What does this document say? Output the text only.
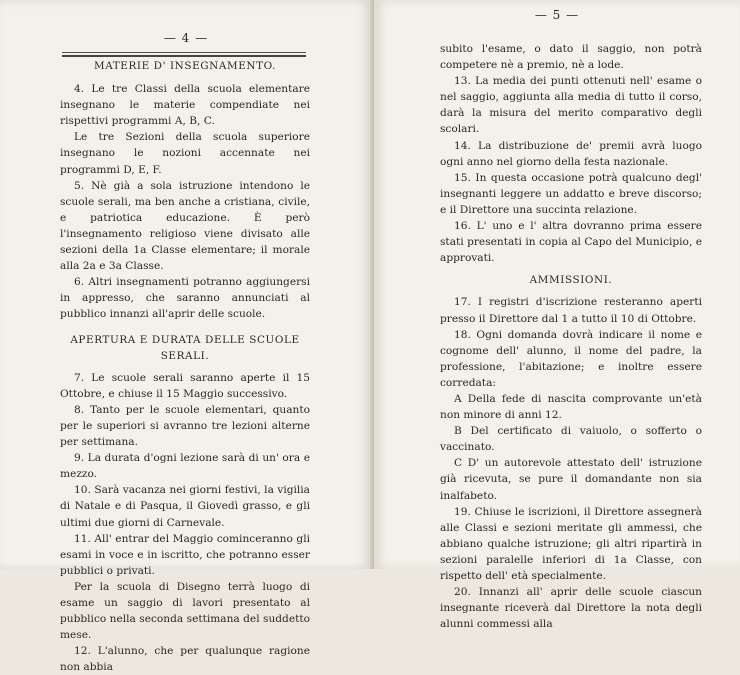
— 4 —

MATERIE D' INSEGNAMENTO.

4. Le tre Classi della scuola elementare insegnano le materie compendiate nei rispettivi programmi A, B, C.

Le tre Sezioni della scuola superiore insegnano le nozioni accennate nei programmi D, E, F.

5. Nè già a sola istruzione intendono le scuole serali, ma ben anche a cristiana, civile, e patriotica educazione. È però l'insegnamento religioso viene divisato alle sezioni della 1a Classe elementare; il morale alla 2a e 3a Classe.

6. Altri insegnamenti potranno aggiungersi in appresso, che saranno annunciati al pubblico innanzi all'aprir delle scuole.

APERTURA E DURATA DELLE SCUOLE SERALI.

7. Le scuole serali saranno aperte il 15 Ottobre, e chiuse il 15 Maggio successivo.

8. Tanto per le scuole elementari, quanto per le superiori si avranno tre lezioni alterne per settimana.

9. La durata d'ogni lezione sarà di un' ora e mezzo.

10. Sarà vacanza nei giorni festivi, la vigilia di Natale e di Pasqua, il Giovedì grasso, e gli ultimi due giorni di Carnevale.

11. All' entrar del Maggio cominceranno gli esami in voce e in iscritto, che potranno esser pubblici o privati.

Per la scuola di Disegno terrà luogo di esame un saggio di lavori presentato al pubblico nella seconda settimana del suddetto mese.

12. L'alunno, che per qualunque ragione non abbia

— 5 —

subito l'esame, o dato il saggio, non potrà competere nè a premio, nè a lode.

13. La media dei punti ottenuti nell' esame o nel saggio, aggiunta alla media di tutto il corso, darà la misura del merito comparativo degli scolari.

14. La distribuzione de' premii avrà luogo ogni anno nel giorno della festa nazionale.

15. In questa occasione potrà qualcuno degl' insegnanti leggere un addatto e breve discorso; e il Direttore una succinta relazione.

16. L' uno e l' altra dovranno prima essere stati presentati in copia al Capo del Municipio, e approvati.

AMMISSIONI.

17. I registri d'iscrizione resteranno aperti presso il Direttore dal 1 a tutto il 10 di Ottobre.

18. Ogni domanda dovrà indicare il nome e cognome dell' alunno, il nome del padre, la professione, l'abitazione; e inoltre essere corredata:

A Della fede di nascita comprovante un'età non minore di anni 12.

B Del certificato di vaiuolo, o sofferto o vaccinato.

C D' un autorevole attestato dell' istruzione già ricevuta, se pure il domandante non sia inalfabeto.

19. Chiuse le iscrizioni, il Direttore assegnerà alle Classi e sezioni meritate gli ammessi, che abbiano qualche istruzione; gli altri ripartirà in sezioni paralelle inferiori di 1a Classe, con rispetto dell' età specialmente.

20. Innanzi all' aprir delle scuole ciascun insegnante riceverà dal Direttore la nota degli alunni commessi alla
